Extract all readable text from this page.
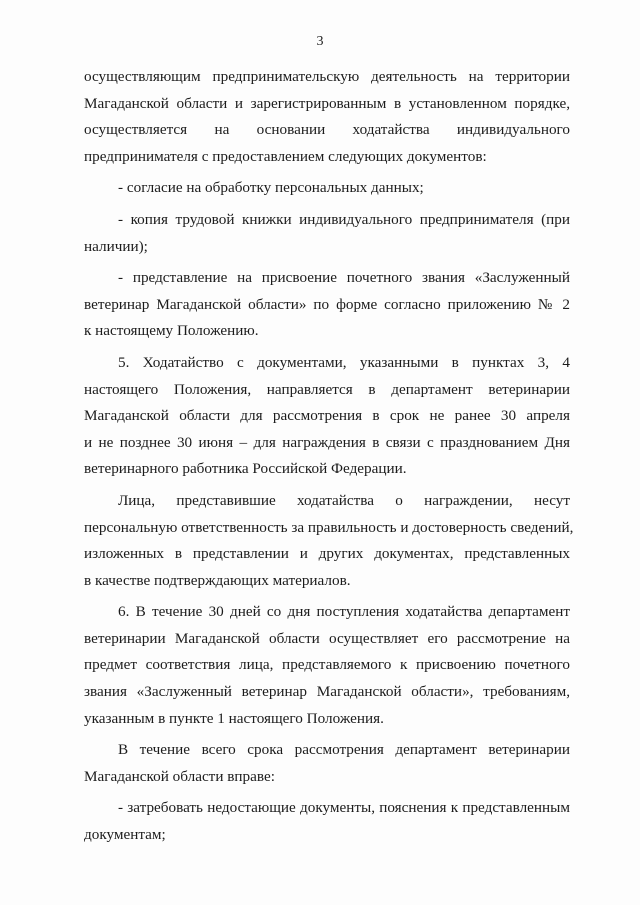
3
осуществляющим предпринимательскую деятельность на территории
Магаданской области и зарегистрированным в установленном порядке,
осуществляется на основании ходатайства индивидуального
предпринимателя с предоставлением следующих документов:
- согласие на обработку персональных данных;
- копия трудовой книжки индивидуального предпринимателя (при
наличии);
- представление на присвоение почетного звания «Заслуженный
ветеринар Магаданской области» по форме согласно приложению № 2
к настоящему Положению.
5. Ходатайство с документами, указанными в пунктах 3, 4
настоящего Положения, направляется в департамент ветеринарии
Магаданской области для рассмотрения в срок не ранее 30 апреля
и не позднее 30 июня – для награждения в связи с празднованием Дня
ветеринарного работника Российской Федерации.
Лица, представившие ходатайства о награждении, несут
персональную ответственность за правильность и достоверность сведений,
изложенных в представлении и других документах, представленных
в качестве подтверждающих материалов.
6. В течение 30 дней со дня поступления ходатайства департамент
ветеринарии Магаданской области осуществляет его рассмотрение на
предмет соответствия лица, представляемого к присвоению почетного
звания «Заслуженный ветеринар Магаданской области», требованиям,
указанным в пункте 1 настоящего Положения.
В течение всего срока рассмотрения департамент ветеринарии
Магаданской области вправе:
- затребовать недостающие документы, пояснения к представленным
документам;
